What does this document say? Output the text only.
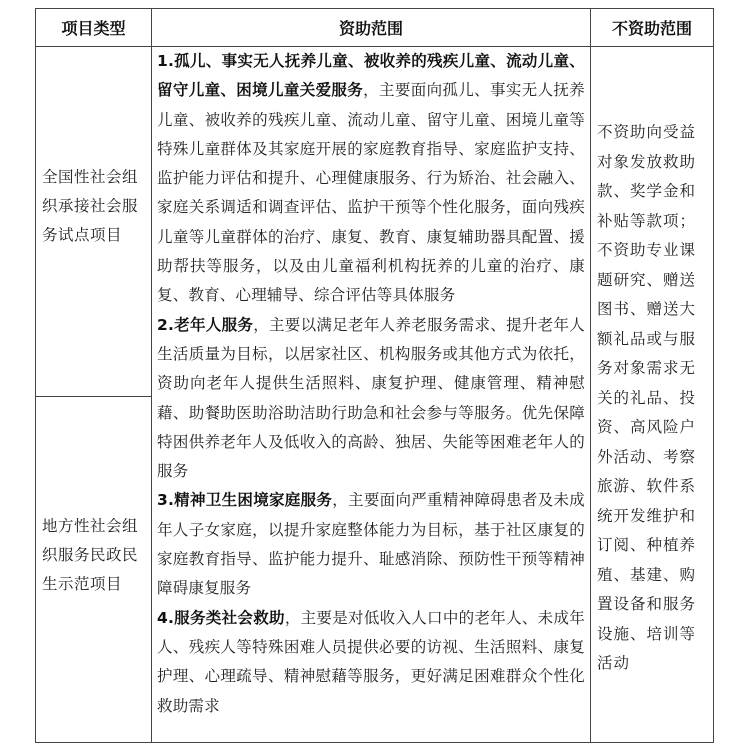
项目类型	资助范围	不资助范围
全国性社会组织承接社会服务试点项目
地方性社会组织服务民政民生示范项目
1.孤儿、事实无人抚养儿童、被收养的残疾儿童、流动儿童、留守儿童、困境儿童关爱服务，主要面向孤儿、事实无人抚养儿童、被收养的残疾儿童、流动儿童、留守儿童、困境儿童等特殊儿童群体及其家庭开展的家庭教育指导、家庭监护支持、监护能力评估和提升、心理健康服务、行为矫治、社会融入、家庭关系调适和调查评估、监护干预等个性化服务，面向残疾儿童等儿童群体的治疗、康复、教育、康复辅助器具配置、援助帮扶等服务，以及由儿童福利机构抚养的儿童的治疗、康复、教育、心理辅导、综合评估等具体服务
2.老年人服务，主要以满足老年人养老服务需求、提升老年人生活质量为目标，以居家社区、机构服务或其他方式为依托，资助向老年人提供生活照料、康复护理、健康管理、精神慰藉、助餐助医助浴助洁助行助急和社会参与等服务。优先保障特困供养老年人及低收入的高龄、独居、失能等困难老年人的服务
3.精神卫生困境家庭服务，主要面向严重精神障碍患者及未成年人子女家庭，以提升家庭整体能力为目标，基于社区康复的家庭教育指导、监护能力提升、耻感消除、预防性干预等精神障碍康复服务
4.服务类社会救助，主要是对低收入人口中的老年人、未成年人、残疾人等特殊困难人员提供必要的访视、生活照料、康复护理、心理疏导、精神慰藉等服务，更好满足困难群众个性化救助需求
不资助向受益对象发放救助款、奖学金和补贴等款项；不资助专业课题研究、赠送图书、赠送大额礼品或与服务对象需求无关的礼品、投资、高风险户外活动、考察旅游、软件系统开发维护和订阅、种植养殖、基建、购置设备和服务设施、培训等活动
